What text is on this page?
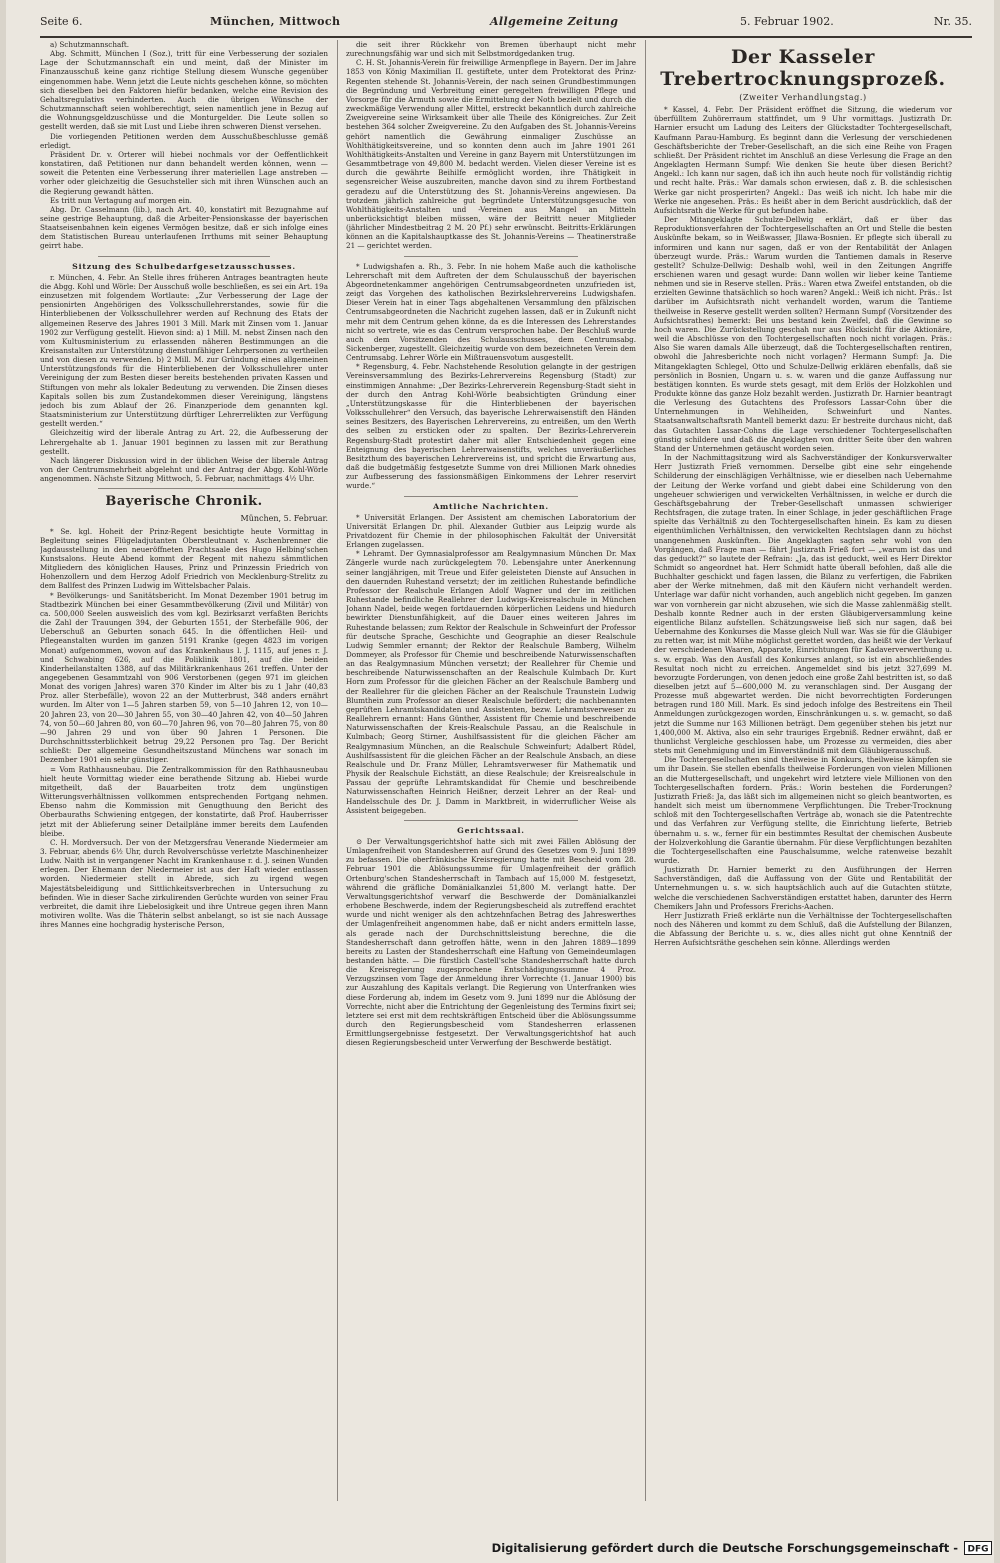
Seite 6.	München, Mittwoch	Allgemeine Zeitung	5. Februar 1902.	Nr. 35.

a) Schutzmannschaft.

Abg. Schmitt, München I (Soz.), tritt für eine Verbesserung der sozialen Lage der Schutzmannschaft ein und meint, daß der Minister im Finanzausschuß keine ganz richtige Stellung diesem Wunsche gegenüber eingenommen habe. Wenn jetzt die Leute nichts geschehen könne, so möchten sich dieselben bei den Faktoren hiefür bedanken, welche eine Revision des Gehaltsregulativs verhinderten. Auch die übrigen Wünsche der Schutzmannschaft seien wohlberechtigt, seien namentlich jene in Bezug auf die Wohnungsgeldzuschüsse und die Monturgelder. Die Leute sollen so gestellt werden, daß sie mit Lust und Liebe ihren schweren Dienst versehen.

Die vorliegenden Petitionen werden dem Ausschußbeschlusse gemäß erledigt.

Präsident Dr. v. Orterer will hiebei nochmals vor der Oeffentlichkeit konstatiren, daß Petitionen nur dann behandelt werden können, wenn — soweit die Petenten eine Verbesserung ihrer materiellen Lage anstreben — vorher oder gleichzeitig die Gesuchsteller sich mit ihren Wünschen auch an die Regierung gewandt hätten.

Es tritt nun Vertagung auf morgen ein.

Abg. Dr. Casselmann (lib.), nach Art. 40, konstatirt mit Bezugnahme auf seine gestrige Behauptung, daß die Arbeiter-Pensionskasse der bayerischen Staatseisenbahnen kein eigenes Vermögen besitze, daß er sich infolge eines dem Statistischen Bureau unterlaufenen Irrthums mit seiner Behauptung geirrt habe.

Sitzung des Schulbedarfgesetzausschusses.

r. München, 4. Febr. An Stelle ihres früheren Antrages beantragten heute die Abgg. Kohl und Wörle: Der Ausschuß wolle beschließen, es sei ein Art. 19a einzusetzen mit folgendem Wortlaute: „Zur Verbesserung der Lage der pensionirten Angehörigen des Volksschullehrerstandes, sowie für die Hinterbliebenen der Volksschullehrer werden auf Rechnung des Etats der allgemeinen Reserve des Jahres 1901 3 Mill. Mark mit Zinsen vom 1. Januar 1902 zur Verfügung gestellt. Hievon sind: a) 1 Mill. M. nebst Zinsen nach den vom Kultusministerium zu erlassenden näheren Bestimmungen an die Kreisanstalten zur Unterstützung dienstunfähiger Lehrpersonen zu vertheilen und von diesen zu verwenden. b) 2 Mill. M. zur Gründung eines allgemeinen Unterstützungsfonds für die Hinterbliebenen der Volksschullehrer unter Vereinigung der zum Besten dieser bereits bestehenden privaten Kassen und Stiftungen von mehr als lokaler Bedeutung zu verwenden. Die Zinsen dieses Kapitals sollen bis zum Zustandekommen dieser Vereinigung, längstens jedoch bis zum Ablauf der 26. Finanzperiode dem genannten kgl. Staatsministerium zur Unterstützung dürftiger Lehrerrelikten zur Verfügung gestellt werden.“

Gleichzeitig wird der liberale Antrag zu Art. 22, die Aufbesserung der Lehrergehalte ab 1. Januar 1901 beginnen zu lassen mit zur Berathung gestellt.

Nach längerer Diskussion wird in der üblichen Weise der liberale Antrag von der Centrumsmehrheit abgelehnt und der Antrag der Abgg. Kohl-Wörle angenommen. Nächste Sitzung Mittwoch, 5. Februar, nachmittags 4½ Uhr.

Bayerische Chronik.
München, 5. Februar.

* Se. kgl. Hoheit der Prinz-Regent besichtigte heute Vormittag in Begleitung seines Flügeladjutanten Oberstleutnant v. Aschenbrenner die Jagdausstellung in den neueröffneten Prachtsaale des Hugo Helbing'schen Kunstsalons. Heute Abend kommt der Regent mit nahezu sämmtlichen Mitgliedern des königlichen Hauses, Prinz und Prinzessin Friedrich von Hohenzollern und dem Herzog Adolf Friedrich von Mecklenburg-Strelitz zu dem Ballfest des Prinzen Ludwig im Wittelsbacher Palais.

* Bevölkerungs- und Sanitätsbericht. Im Monat Dezember 1901 betrug im Stadtbezirk München bei einer Gesammtbevölkerung (Zivil und Militär) von ca. 500,000 Seelen ausweislich des vom kgl. Bezirksarzt verfaßten Berichts die Zahl der Trauungen 394, der Geburten 1551, der Sterbefälle 906, der Ueberschuß an Geburten sonach 645. In die öffentlichen Heil- und Pflegeanstalten wurden im ganzen 5191 Kranke (gegen 4823 im vorigen Monat) aufgenommen, wovon auf das Krankenhaus l. J. 1115, auf jenes r. J. und Schwabing 626, auf die Poliklinik 1801, auf die beiden Kinderheilanstalten 1388, auf das Militärkrankenhaus 261 treffen. Unter der angegebenen Gesammtzahl von 906 Verstorbenen (gegen 971 im gleichen Monat des vorigen Jahres) waren 370 Kinder im Alter bis zu 1 Jahr (40,83 Proz. aller Sterbefälle), wovon 22 an der Mutterbrust, 348 anders ernährt wurden. Im Alter von 1—5 Jahren starben 59, von 5—10 Jahren 12, von 10—20 Jahren 23, von 20—30 Jahren 55, von 30—40 Jahren 42, von 40—50 Jahren 74, von 50—60 Jahren 80, von 60—70 Jahren 96, von 70—80 Jahren 75, von 80—90 Jahren 29 und von über 90 Jahren 1 Personen. Die Durchschnittssterblichkeit betrug 29,22 Personen pro Tag. Der Bericht schließt: Der allgemeine Gesundheitszustand Münchens war sonach im Dezember 1901 ein sehr günstiger.

= Vom Rathhausneubau. Die Zentralkommission für den Rathhausneubau hielt heute Vormittag wieder eine berathende Sitzung ab. Hiebei wurde mitgetheilt, daß der Bauarbeiten trotz dem ungünstigen Witterungsverhältnissen vollkommen entsprechenden Fortgang nehmen. Ebenso nahm die Kommission mit Genugthuung den Bericht des Oberbauraths Schwiening entgegen, der konstatirte, daß Prof. Hauberrisser jetzt mit der Ablieferung seiner Detailpläne immer bereits dem Laufenden bleibe.

C. H. Mordversuch. Der von der Metzgersfrau Venerande Niedermeier am 3. Februar, abends 6½ Uhr, durch Revolverschüsse verletzte Maschinenheizer Ludw. Naith ist in vergangener Nacht im Krankenhause r. d. J. seinen Wunden erlegen. Der Ehemann der Niedermeier ist aus der Haft wieder entlassen worden. Niedermeier stellt in Abrede, sich zu irgend wegen Majestätsbeleidigung und Sittlichkeitsverbrechen in Untersuchung zu befinden. Wie in dieser Sache zirkulirenden Gerüchte wurden von seiner Frau verbreitet, die damit ihre Liebelosigkeit und ihre Untreue gegen ihren Mann motiviren wollte. Was die Thäterin selbst anbelangt, so ist sie nach Aussage ihres Mannes eine hochgradig hysterische Person,

die seit ihrer Rückkehr von Bremen überhaupt nicht mehr zurechnungsfähig war und sich mit Selbstmordgedanken trug.

C. H. St. Johannis-Verein für freiwillige Armenpflege in Bayern. Der im Jahre 1853 von König Maximilian II. gestiftete, unter dem Protektorat des Prinz-Regenten stehende St. Johannis-Verein, der nach seinen Grundbestimmungen die Begründung und Verbreitung einer geregelten freiwilligen Pflege und Vorsorge für die Armuth sowie die Ermittelung der Noth bezielt und durch die zweckmäßige Verwendung aller Mittel, erstreckt bekanntlich durch zahlreiche Zweigvereine seine Wirksamkeit über alle Theile des Königreiches. Zur Zeit bestehen 364 solcher Zweigvereine. Zu den Aufgaben des St. Johannis-Vereins gehört namentlich die Gewährung einmaliger Zuschüsse an Wohlthätigkeitsvereine, und so konnten denn auch im Jahre 1901 261 Wohlthätigkeits-Anstalten und Vereine in ganz Bayern mit Unterstützungen im Gesammtbetrage von 49,800 M. bedacht werden. Vielen dieser Vereine ist es durch die gewährte Beihilfe ermöglicht worden, ihre Thätigkeit in segensreicher Weise auszubreiten, manche davon sind zu ihrem Fortbestand geradezu auf die Unterstützung des St. Johannis-Vereins angewiesen. Da trotzdem jährlich zahlreiche gut begründete Unterstützungsgesuche von Wohlthätigkeits-Anstalten und -Vereinen aus Mangel an Mitteln unberücksichtigt bleiben müssen, wäre der Beitritt neuer Mitglieder (jährlicher Mindestbeitrag 2 M. 20 Pf.) sehr erwünscht. Beitritts-Erklärungen können an die Kapitalshauptkasse des St. Johannis-Vereins — Theatinerstraße 21 — gerichtet werden.

* Ludwigshafen a. Rh., 3. Febr. In nie hohem Maße auch die katholische Lehrerschaft mit dem Auftreten der dem Schulausschuß der bayerischen Abgeordnetenkammer angehörigen Centrumsabgeordneten unzufrieden ist, zeigt das Vorgehen des katholischen Bezirkslehrervereins Ludwigshafen. Dieser Verein hat in einer Tags abgehaltenen Versammlung den pfälzischen Centrumsabgeordneten die Nachricht zugehen lassen, daß er in Zukunft nicht mehr mit dem Centrum gehen könne, da es die Interessen des Lehrerstandes nicht so vertrete, wie es das Centrum versprochen habe. Der Beschluß wurde auch dem Vorsitzenden des Schulausschusses, dem Centrumsabg. Sickenberger, zugestellt. Gleichzeitig wurde von dem bezeichneten Verein dem Centrumsabg. Lehrer Wörle ein Mißtrauensvotum ausgestellt.

* Regensburg, 4. Febr. Nachstehende Resolution gelangte in der gestrigen Vereinsversammlung des Bezirks-Lehrervereins Regensburg (Stadt) zur einstimmigen Annahme: „Der Bezirks-Lehrerverein Regensburg-Stadt sieht in der durch den Antrag Kohl-Wörle beabsichtigten Gründung einer „Unterstützungskasse für die Hinterbliebenen der bayerischen Volksschullehrer“ den Versuch, das bayerische Lehrerwaisenstift den Händen seines Besitzers, des Bayerischen Lehrervereins, zu entreißen, um den Werth des selben zu ersticken oder zu spalten. Der Bezirks-Lehrerverein Regensburg-Stadt protestirt daher mit aller Entschiedenheit gegen eine Enteignung des bayerischen Lehrerwaisenstifts, welches unveräußerliches Besitzthum des bayerischen Lehrervereins ist, und spricht die Erwartung aus, daß die budgetmäßig festgesetzte Summe von drei Millionen Mark ohnedies zur Aufbesserung des fassionsmäßigen Einkommens der Lehrer reservirt wurde.“

Amtliche Nachrichten.

* Universität Erlangen. Der Assistent am chemischen Laboratorium der Universität Erlangen Dr. phil. Alexander Gutbier aus Leipzig wurde als Privatdozent für Chemie in der philosophischen Fakultät der Universität Erlangen zugelassen.

* Lehramt. Der Gymnasialprofessor am Realgymnasium München Dr. Max Zängerle wurde nach zurückgelegtem 70. Lebensjahre unter Anerkennung seiner langjährigen, mit Treue und Eifer geleisteten Dienste auf Ansuchen in den dauernden Ruhestand versetzt; der im zeitlichen Ruhestande befindliche Professor der Realschule Erlangen Adolf Wagner und der im zeitlichen Ruhestande befindliche Reallehrer der Ludwigs-Kreisrealschule in München Johann Nadel, beide wegen fortdauernden körperlichen Leidens und hiedurch bewirkter Dienstunfähigkeit, auf die Dauer eines weiteren Jahres im Ruhestande belassen; zum Rektor der Realschule in Schweinfurt der Professor für deutsche Sprache, Geschichte und Geographie an dieser Realschule Ludwig Semmler ernannt; der Rektor der Realschule Bamberg, Wilhelm Dommeyer, als Professor für Chemie und beschreibende Naturwissenschaften an das Realgymnasium München versetzt; der Reallehrer für Chemie und beschreibende Naturwissenschaften an der Realschule Kulmbach Dr. Kurt Horn zum Professor für die gleichen Fächer an der Realschule Bamberg und der Reallehrer für die gleichen Fächer an der Realschule Traunstein Ludwig Blumthein zum Professor an dieser Realschule befördert; die nachbenannten geprüften Lehramtskandidaten und Assistenten, bezw. Lehramtsverweser zu Reallehrern ernannt: Hans Günther, Assistent für Chemie und beschreibende Naturwissenschaften der Kreis-Realschule Passau, an die Realschule in Kulmbach; Georg Stirner, Aushilfsassistent für die gleichen Fächer am Realgymnasium München, an die Realschule Schweinfurt; Adalbert Rüdel, Aushilfsassistent für die gleichen Fächer an der Realschule Ansbach, an diese Realschule und Dr. Franz Müller, Lehramtsverweser für Mathematik und Physik der Realschule Eichstätt, an diese Realschule; der Kreisrealschule in Passau der geprüfte Lehramtskandidat für Chemie und beschreibende Naturwissenschaften Heinrich Heißner, derzeit Lehrer an der Real- und Handelsschule des Dr. J. Damm in Marktbreit, in widerruflicher Weise als Assistent beigegeben.

Gerichtssaal.

⊙ Der Verwaltungsgerichtshof hatte sich mit zwei Fällen Ablösung der Umlagenfreiheit von Standesherren auf Grund des Gesetzes vom 9. Juni 1899 zu befassen. Die oberfränkische Kreisregierung hatte mit Bescheid vom 28. Februar 1901 die Ablösungssumme für Umlagenfreiheit der gräflich Ortenburg'schen Standesherrschaft in Tambach auf 15,000 M. festgesetzt, während die gräfliche Domänialkanzlei 51,800 M. verlangt hatte. Der Verwaltungsgerichtshof verwarf die Beschwerde der Domänialkanzlei erhobene Beschwerde, indem der Regierungsbescheid als zutreffend erachtet wurde und nicht weniger als den achtzehnfachen Betrag des Jahreswerthes der Umlagenfreiheit angenommen habe, daß er nicht anders ermitteln lasse, als gerade nach der Durchschnittsleistung berechne, die die Standesherrschaft dann getroffen hätte, wenn in den Jahren 1889—1899 bereits zu Lasten der Standesherrschaft eine Haftung von Gemeindeumlagen bestanden hätte. — Die fürstlich Castell'sche Standesherrschaft hatte durch die Kreisregierung zugesprochene Entschädigungssumme 4 Proz. Verzugszinsen vom Tage der Anmeldung ihrer Vorrechte (1. Januar 1900) bis zur Auszahlung des Kapitals verlangt. Die Regierung von Unterfranken wies diese Forderung ab, indem im Gesetz vom 9. Juni 1899 nur die Ablösung der Vorrechte, nicht aber die Entrichtung der Gegenleistung des Termins fixirt sei; letztere sei erst mit dem rechtskräftigen Entscheid über die Ablösungssumme durch den Regierungsbescheid vom Standesherren erlassenen Ermittlungsergebnisse festgesetzt. Der Verwaltungsgerichtshof hat auch diesen Regierungsbescheid unter Verwerfung der Beschwerde bestätigt.

Der Kasseler Trebertrocknungsprozeß.
(Zweiter Verhandlungstag.)

* Kassel, 4. Febr. Der Präsident eröffnet die Sitzung, die wiederum vor überfülltem Zuhörerraum stattfindet, um 9 Uhr vormittags. Justizrath Dr. Harnier ersucht um Ladung des Leiters der Glückstadter Tochtergesellschaft, Kaufmann Parau-Hamburg. Es beginnt dann die Verlesung der verschiedenen Geschäftsberichte der Treber-Gesellschaft, an die sich eine Reihe von Fragen schließt. Der Präsident richtet im Anschluß an diese Verlesung die Frage an den Angeklagten Hermann Sumpf: Wie denken Sie heute über diesen Bericht? Angekl.: Ich kann nur sagen, daß ich ihn auch heute noch für vollständig richtig und recht halte. Präs.: War damals schon erwiesen, daß z. B. die schlesischen Werke gar nicht prosperirten? Angekl.: Das weiß ich nicht. Ich habe mir die Werke nie angesehen. Präs.: Es heißt aber in dem Bericht ausdrücklich, daß der Aufsichtsrath die Werke für gut befunden habe.

Der Mitangeklagte Schulze-Dellwig erklärt, daß er über das Reproduktionsverfahren der Tochtergesellschaften an Ort und Stelle die besten Auskünfte bekam, so in Weißwasser, Jllawa-Bosnien. Er pflegte sich überall zu informiren und kann nur sagen, daß er von der Rentabilität der Anlagen überzeugt wurde. Präs.: Warum wurden die Tantiemen damals in Reserve gestellt? Schulze-Dellwig: Deshalb wohl, weil in den Zeitungen Angriffe erschienen waren und gesagt wurde: Dann wollen wir lieber keine Tantieme nehmen und sie in Reserve stellen. Präs.: Waren etwa Zweifel entstanden, ob die erzielten Gewinne thatsächlich so hoch waren? Angekl.: Weiß ich nicht. Präs.: Ist darüber im Aufsichtsrath nicht verhandelt worden, warum die Tantieme theilweise in Reserve gestellt werden sollten? Hermann Sumpf (Vorsitzender des Aufsichtsrathes) bemerkt: Bei uns bestand kein Zweifel, daß die Gewinne so hoch waren. Die Zurückstellung geschah nur aus Rücksicht für die Aktionäre, weil die Abschlüsse von den Tochtergesellschaften noch nicht vorlagen. Präs.: Also Sie waren damals Alle überzeugt, daß die Tochtergesellschaften rentiren, obwohl die Jahresberichte noch nicht vorlagen? Hermann Sumpf: Ja. Die Mitangeklagten Schlegel, Otto und Schulze-Dellwig erklären ebenfalls, daß sie persönlich in Bosnien, Ungarn u. s. w. waren und die ganze Auffassung nur bestätigen konnten. Es wurde stets gesagt, mit dem Erlös der Holzkohlen und Produkte könne das ganze Holz bezahlt werden. Justizrath Dr. Harnier beantragt die Verlesung des Gutachtens des Professors Lassar-Cohn über die Unternehmungen in Wehlheiden, Schweinfurt und Nantes. Staatsanwaltschaftsrath Mantell bemerkt dazu: Er bestreite durchaus nicht, daß das Gutachten Lassar-Cohns die Lage verschiedener Tochtergesellschaften günstig schildere und daß die Angeklagten von dritter Seite über den wahren Stand der Unternehmen getäuscht worden seien.

In der Nachmittagsitzung wird als Sachverständiger der Konkursverwalter Herr Justizrath Frieß vernommen. Derselbe gibt eine sehr eingehende Schilderung der einschlägigen Verhältnisse, wie er dieselben nach Uebernahme der Leitung der Werke vorfand und giebt dabei eine Schilderung von den ungeheuer schwierigen und verwickelten Verhältnissen, in welche er durch die Geschäftsgebahrung der Treber-Gesellschaft unmassen schwieriger Rechtsfragen, die zutage traten. In einer Schlage, in jeder geschäftlichen Frage spielte das Verhältniß zu den Tochtergesellschaften hinein. Es kam zu diesen eigenthümlichen Verhältnissen, den verwickelten Rechtslagen dann zu höchst unangenehmen Auskünften. Die Angeklagten sagten sehr wohl von den Vorgängen, daß Frage man — fährt Justizrath Frieß fort — „warum ist das und das geduckt?“ so lautete der Refrain: „Ja, das ist geduckt, weil es Herr Direktor Schmidt so angeordnet hat. Herr Schmidt hatte überall befohlen, daß alle die Buchhalter geschickt und fagen lassen, die Bilanz zu verfertigen, die Fabriken aber der Werke mitnehmen, daß mit den Käufern nicht verhandelt werden. Unterlage war dafür nicht vorhanden, auch angeblich nicht gegeben. Im ganzen war von vornherein gar nicht abzusehen, wie sich die Masse zahlenmäßig stellt. Deshalb konnte Redner auch in der ersten Gläubigerversammlung keine eigentliche Bilanz aufstellen. Schätzungsweise ließ sich nur sagen, daß bei Uebernahme des Konkurses die Masse gleich Null war. Was sie für die Gläubiger zu retten war, ist mit Mühe möglichst gerettet worden, das heißt wie der Verkauf der verschiedenen Waaren, Apparate, Einrichtungen für Kadaververwerthung u. s. w. ergab. Was den Ausfall des Konkurses anlangt, so ist ein abschließendes Resultat noch nicht zu erreichen. Angemeldet sind bis jetzt 327,699 M. bevorzugte Forderungen, von denen jedoch eine große Zahl bestritten ist, so daß dieselben jetzt auf 5—600,000 M. zu veranschlagen sind. Der Ausgang der Prozesse muß abgewartet werden. Die nicht bevorrechtigten Forderungen betragen rund 180 Mill. Mark. Es sind jedoch infolge des Bestreitens ein Theil Anmeldungen zurückgezogen worden, Einschränkungen u. s. w. gemacht, so daß jetzt die Summe nur 163 Millionen beträgt. Dem gegenüber stehen bis jetzt nur 1,400,000 M. Aktiva, also ein sehr trauriges Ergebniß. Redner erwähnt, daß er thunlichst Vergleiche geschlossen habe, um Prozesse zu vermeiden, dies aber stets mit Genehmigung und im Einverständniß mit dem Gläubigerausschuß.

Die Tochtergesellschaften sind theilweise in Konkurs, theilweise kämpfen sie um ihr Dasein. Sie stellen ebenfalls theilweise Forderungen von vielen Millionen an die Muttergesellschaft, und ungekehrt wird letztere viele Millionen von den Tochtergesellschaften fordern. Präs.: Worin bestehen die Forderungen? Justizrath Frieß: Ja, das läßt sich im allgemeinen nicht so gleich beantworten, es handelt sich meist um übernommene Verpflichtungen. Die Treber-Trocknung schloß mit den Tochtergesellschaften Verträge ab, wonach sie die Patentrechte und das Verfahren zur Verfügung stellte, die Einrichtung lieferte, Betrieb übernahm u. s. w., ferner für ein bestimmtes Resultat der chemischen Ausbeute der Holzverkohlung die Garantie übernahm. Für diese Verpflichtungen bezahlten die Tochtergesellschaften eine Pauschalsumme, welche ratenweise bezahlt wurde.

Justizrath Dr. Harnier bemerkt zu den Ausführungen der Herren Sachverständigen, daß die Auffassung von der Güte und Rentabilität der Unternehmungen u. s. w. sich hauptsächlich auch auf die Gutachten stützte, welche die verschiedenen Sachverständigen erstattet haben, darunter des Herrn Chemikers Jahn und Professors Frerichs-Aachen.

Herr Justizrath Frieß erklärte nun die Verhältnisse der Tochtergesellschaften noch des Näheren und kommt zu dem Schluß, daß die Aufstellung der Bilanzen, die Abfassung der Berichte u. s. w., dies alles nicht gut ohne Kenntniß der Herren Aufsichtsräthe geschehen sein könne. Allerdings werden

Digitalisierung gefördert durch die Deutsche Forschungsgemeinschaft - DFG
